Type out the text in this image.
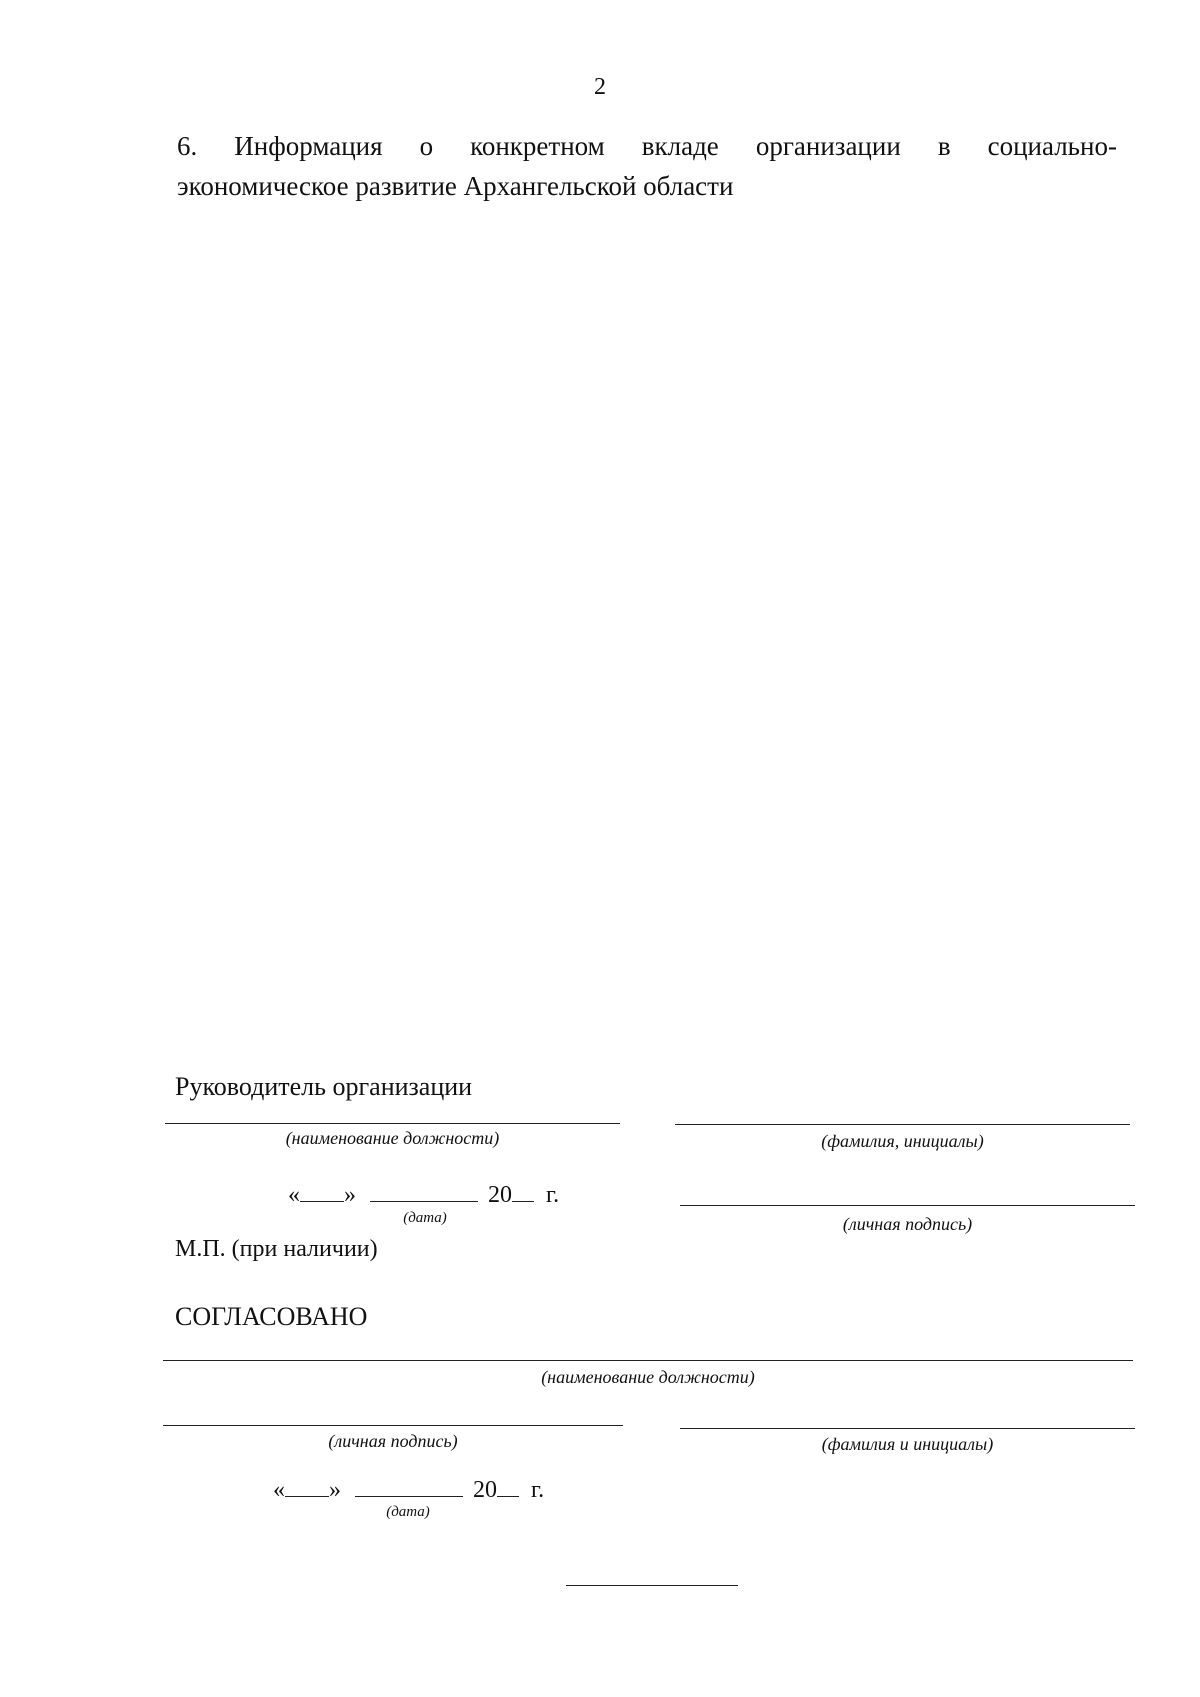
2
6. Информация о конкретном вкладе организации в социально-
экономическое развитие Архангельской области
Руководитель организации
(наименование должности)	(фамилия, инициалы)
« »	20 г.
(дата)	(личная подпись)
М.П. (при наличии)
СОГЛАСОВАНО
(наименование должности)
(личная подпись)	(фамилия и инициалы)
« »	20 г.
(дата)
